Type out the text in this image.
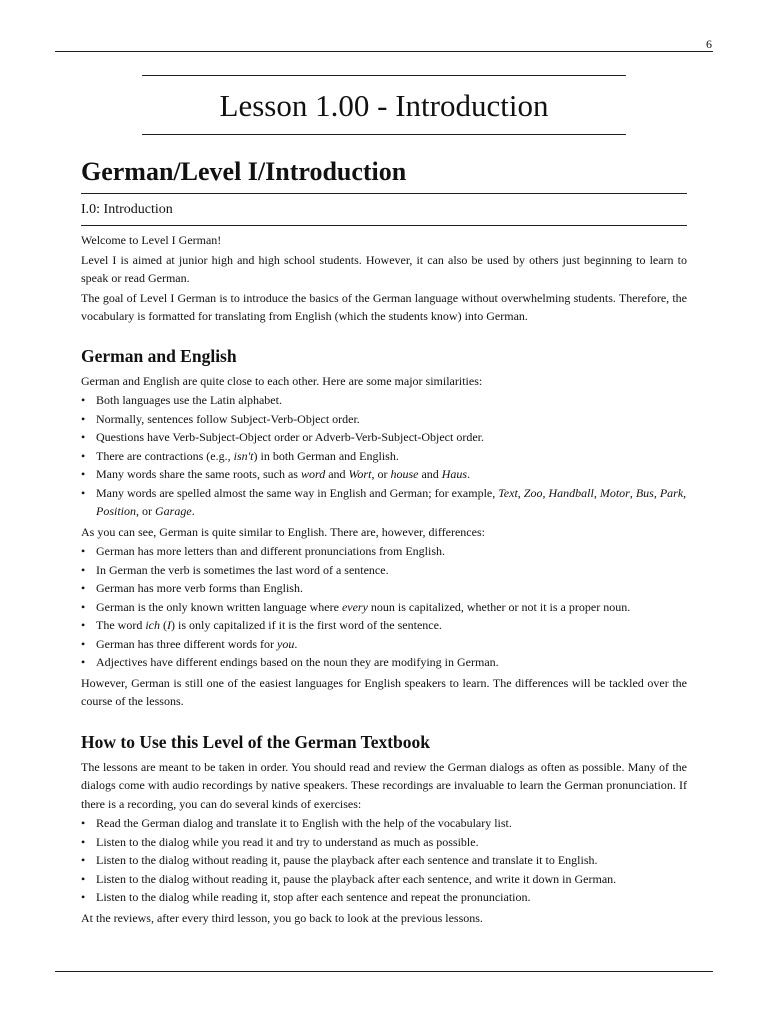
6
Lesson 1.00 - Introduction
German/Level I/Introduction
I.0: Introduction

Welcome to Level I German!

Level I is aimed at junior high and high school students. However, it can also be used by others just beginning to learn to speak or read German.

The goal of Level I German is to introduce the basics of the German language without overwhelming students. Therefore, the vocabulary is formatted for translating from English (which the students know) into German.

German and English

German and English are quite close to each other. Here are some major similarities:

• Both languages use the Latin alphabet.
• Normally, sentences follow Subject-Verb-Object order.
• Questions have Verb-Subject-Object order or Adverb-Verb-Subject-Object order.
• There are contractions (e.g., isn't) in both German and English.
• Many words share the same roots, such as word and Wort, or house and Haus.
• Many words are spelled almost the same way in English and German; for example, Text, Zoo, Handball, Motor, Bus, Park, Position, or Garage.

As you can see, German is quite similar to English. There are, however, differences:

• German has more letters than and different pronunciations from English.
• In German the verb is sometimes the last word of a sentence.
• German has more verb forms than English.
• German is the only known written language where every noun is capitalized, whether or not it is a proper noun.
• The word ich (I) is only capitalized if it is the first word of the sentence.
• German has three different words for you.
• Adjectives have different endings based on the noun they are modifying in German.

However, German is still one of the easiest languages for English speakers to learn. The differences will be tackled over the course of the lessons.

How to Use this Level of the German Textbook

The lessons are meant to be taken in order. You should read and review the German dialogs as often as possible. Many of the dialogs come with audio recordings by native speakers. These recordings are invaluable to learn the German pronunciation. If there is a recording, you can do several kinds of exercises:

• Read the German dialog and translate it to English with the help of the vocabulary list.
• Listen to the dialog while you read it and try to understand as much as possible.
• Listen to the dialog without reading it, pause the playback after each sentence and translate it to English.
• Listen to the dialog without reading it, pause the playback after each sentence, and write it down in German.
• Listen to the dialog while reading it, stop after each sentence and repeat the pronunciation.

At the reviews, after every third lesson, you go back to look at the previous lessons.
